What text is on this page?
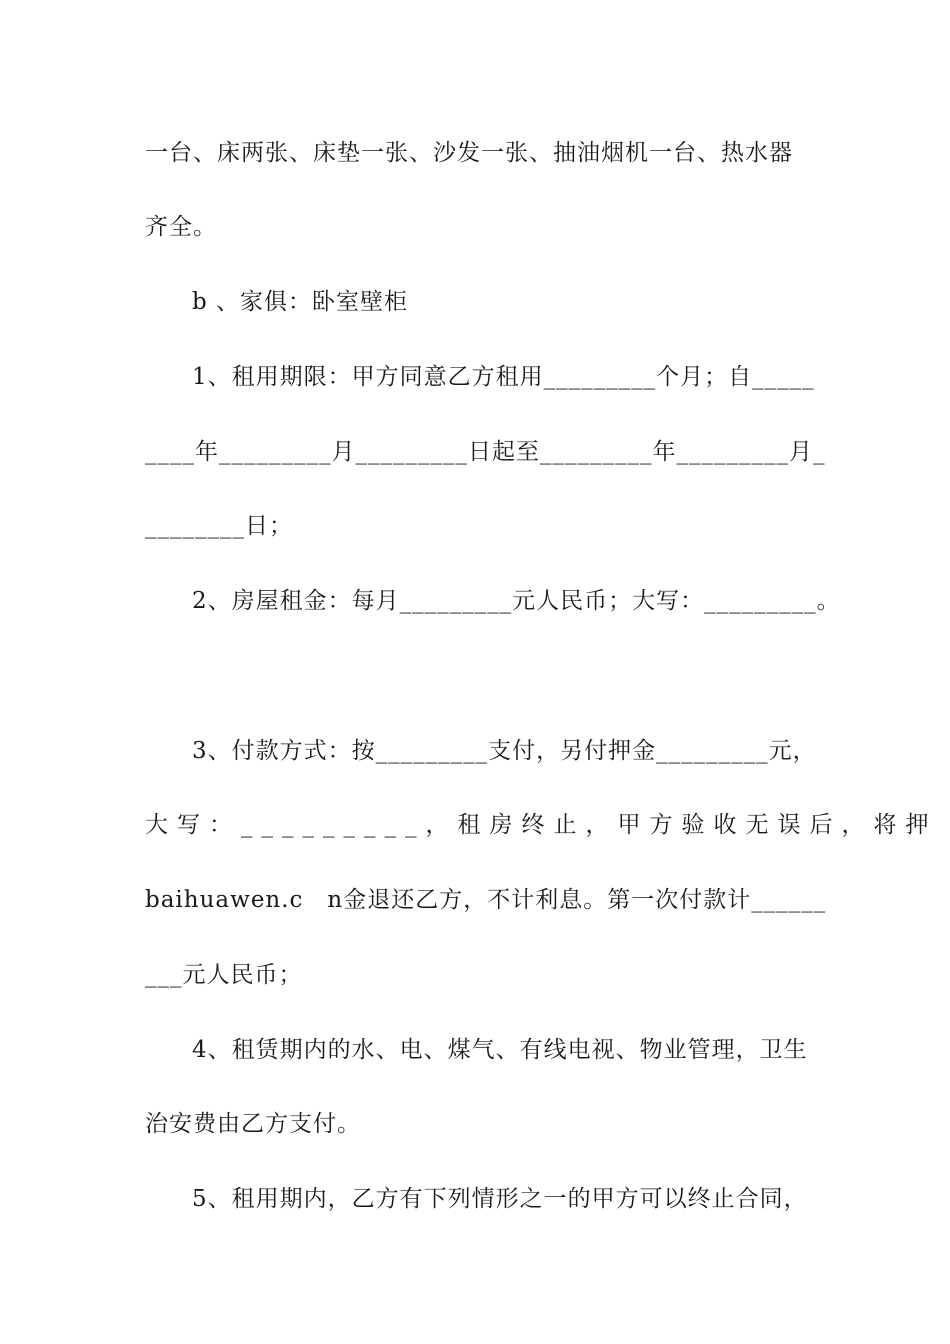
一台、床两张、床垫一张、沙发一张、抽油烟机一台、热水器
齐全。
b 、家俱：卧室壁柜
1、租用期限：甲方同意乙方租用_________个月；自_____
____年_________月_________日起至_________年_________月_
________日；
2、房屋租金：每月_________元人民币；大写：_________。
3、付款方式：按_________支付，另付押金_________元，
大写：_________，租房终止，甲方验收无误后，将押
baihuawen.c　n金退还乙方，不计利息。第一次付款计______
___元人民币；
4、租赁期内的水、电、煤气、有线电视、物业管理，卫生
治安费由乙方支付。
5、租用期内，乙方有下列情形之一的甲方可以终止合同，
